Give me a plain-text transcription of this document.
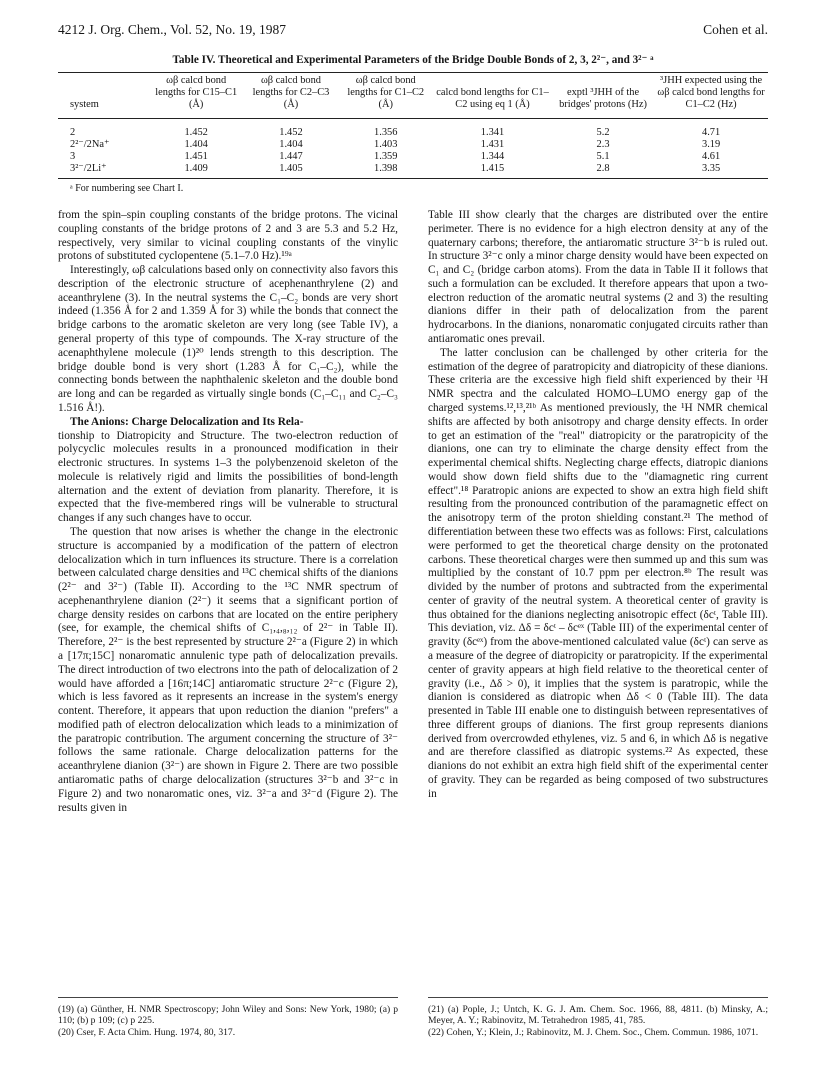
4212 J. Org. Chem., Vol. 52, No. 19, 1987	Cohen et al.
Table IV. Theoretical and Experimental Parameters of the Bridge Double Bonds of 2, 3, 2²⁻, and 3²⁻ ᵃ
system	ωβ calcd bond lengths for C15–C1 (Å)	ωβ calcd bond lengths for C2–C3 (Å)	ωβ calcd bond lengths for C1–C2 (Å)	calcd bond lengths for C1–C2 using eq 1 (Å)	exptl ³JHH of the bridges' protons (Hz)	³JHH expected using the ωβ calcd bond lengths for C1–C2 (Hz)

2	1.452	1.452	1.356	1.341	5.2	4.71
2²⁻/2Na⁺	1.404	1.404	1.403	1.431	2.3	3.19
3	1.451	1.447	1.359	1.344	5.1	4.61
3²⁻/2Li⁺	1.409	1.405	1.398	1.415	2.8	3.35
ᵃ For numbering see Chart I.

from the spin–spin coupling constants of the bridge protons. The vicinal coupling constants of the bridge protons of 2 and 3 are 5.3 and 5.2 Hz, respectively, very similar to vicinal coupling constants of the vinylic protons of substituted cyclopentene (5.1–7.0 Hz).¹⁹ᵃ

Interestingly, ωβ calculations based only on connectivity also favors this description of the electronic structure of acephenanthrylene (2) and aceanthrylene (3). In the neutral systems the C₁–C₂ bonds are very short indeed (1.356 Å for 2 and 1.359 Å for 3) while the bonds that connect the bridge carbons to the aromatic skeleton are very long (see Table IV), a general property of this type of compounds. The X-ray structure of the acenaphthylene molecule (1)²⁰ lends strength to this description. The bridge double bond is very short (1.283 Å for C₁–C₂), while the connecting bonds between the naphthalenic skeleton and the double bond are long and can be regarded as virtually single bonds (C₁–C₁₁ and C₂–C₃ 1.516 Å!).

The Anions: Charge Delocalization and Its Rela-

tionship to Diatropicity and Structure. The two-electron reduction of polycyclic molecules results in a pronounced modification in their electronic structures. In systems 1–3 the polybenzenoid skeleton of the molecule is relatively rigid and limits the possibilities of bond-length alternation and the extent of deviation from planarity. Therefore, it is expected that the five-membered rings will be vulnerable to structural changes if any such changes have to occur.

The question that now arises is whether the change in the electronic structure is accompanied by a modification of the pattern of electron delocalization which in turn influences its structure. There is a correlation between calculated charge densities and ¹³C chemical shifts of the dianions (2²⁻ and 3²⁻) (Table II). According to the ¹³C NMR spectrum of acephenanthrylene dianion (2²⁻) it seems that a significant portion of charge density resides on carbons that are located on the entire periphery (see, for example, the chemical shifts of C₁,₄,₈,₁₂ of 2²⁻ in Table II). Therefore, 2²⁻ is the best represented by structure 2²⁻a (Figure 2) in which a [17π;15C] nonaromatic annulenic type path of delocalization prevails. The direct introduction of two electrons into the path of delocalization of 2 would have afforded a [16π;14C] antiaromatic structure 2²⁻c (Figure 2), which is less favored as it represents an increase in the system's energy content. Therefore, it appears that upon reduction the dianion "prefers" a modified path of electron delocalization which leads to a minimization of the paratropic contribution. The argument concerning the structure of 3²⁻ follows the same rationale. Charge delocalization patterns for the aceanthrylene dianion (3²⁻) are shown in Figure 2. There are two possible antiaromatic paths of charge delocalization (structures 3²⁻b and 3²⁻c in Figure 2) and two nonaromatic ones, viz. 3²⁻a and 3²⁻d (Figure 2). The results given in

Table III show clearly that the charges are distributed over the entire perimeter. There is no evidence for a high electron density at any of the quaternary carbons; therefore, the antiaromatic structure 3²⁻b is ruled out. In structure 3²⁻c only a minor charge density would have been expected on C₁ and C₂ (bridge carbon atoms). From the data in Table II it follows that such a formulation can be excluded. It therefore appears that upon a two-electron reduction of the aromatic neutral systems (2 and 3) the resulting dianions differ in their path of delocalization from the parent hydrocarbons. In the dianions, nonaromatic conjugated circuits rather than antiaromatic ones prevail.

The latter conclusion can be challenged by other criteria for the estimation of the degree of paratropicity and diatropicity of these dianions. These criteria are the excessive high field shift experienced by their ¹H NMR spectra and the calculated HOMO–LUMO energy gap of the charged systems.¹²,¹³,²¹ᵇ As mentioned previously, the ¹H NMR chemical shifts are affected by both anisotropy and charge density effects. In order to get an estimation of the "real" diatropicity or the paratropicity of the dianions, one can try to eliminate the charge density effect from the experimental chemical shifts. Neglecting charge effects, diatropic dianions would show down field shifts due to the "diamagnetic ring current effect".¹⁸ Paratropic anions are expected to show an extra high field shift resulting from the pronounced contribution of the paramagnetic effect on the anisotropy term of the proton shielding constant.²¹ The method of differentiation between these two effects was as follows: First, calculations were performed to get the theoretical charge density on the protonated carbons. These theoretical charges were then summed up and this sum was multiplied by the constant of 10.7 ppm per electron.⁸ᵇ The result was divided by the number of protons and subtracted from the experimental center of gravity of the neutral system. A theoretical center of gravity is thus obtained for the dianions neglecting anisotropic effect (δcᵗ, Table III). This deviation, viz. Δδ = δcᵗ – δcᵉˣ (Table III) of the experimental center of gravity (δcᵉˣ) from the above-mentioned calculated value (δcᵗ) can serve as a measure of the degree of diatropicity or paratropicity. If the experimental center of gravity appears at high field relative to the theoretical center of gravity (i.e., Δδ > 0), it implies that the system is paratropic, while the dianion is considered as diatropic when Δδ < 0 (Table III). The data presented in Table III enable one to distinguish between representatives of three different groups of dianions. The first group represents dianions derived from overcrowded ethylenes, viz. 5 and 6, in which Δδ is negative and are therefore classified as diatropic systems.²² As expected, these dianions do not exhibit an extra high field shift of the experimental center of gravity. They can be regarded as being composed of two substructures in

(19) (a) Günther, H. NMR Spectroscopy; John Wiley and Sons: New York, 1980; (a) p 110; (b) p 109; (c) p 225.

(20) Cser, F. Acta Chim. Hung. 1974, 80, 317.

(21) (a) Pople, J.; Untch, K. G. J. Am. Chem. Soc. 1966, 88, 4811. (b) Minsky, A.; Meyer, A. Y.; Rabinovitz, M. Tetrahedron 1985, 41, 785.

(22) Cohen, Y.; Klein, J.; Rabinovitz, M. J. Chem. Soc., Chem. Commun. 1986, 1071.
